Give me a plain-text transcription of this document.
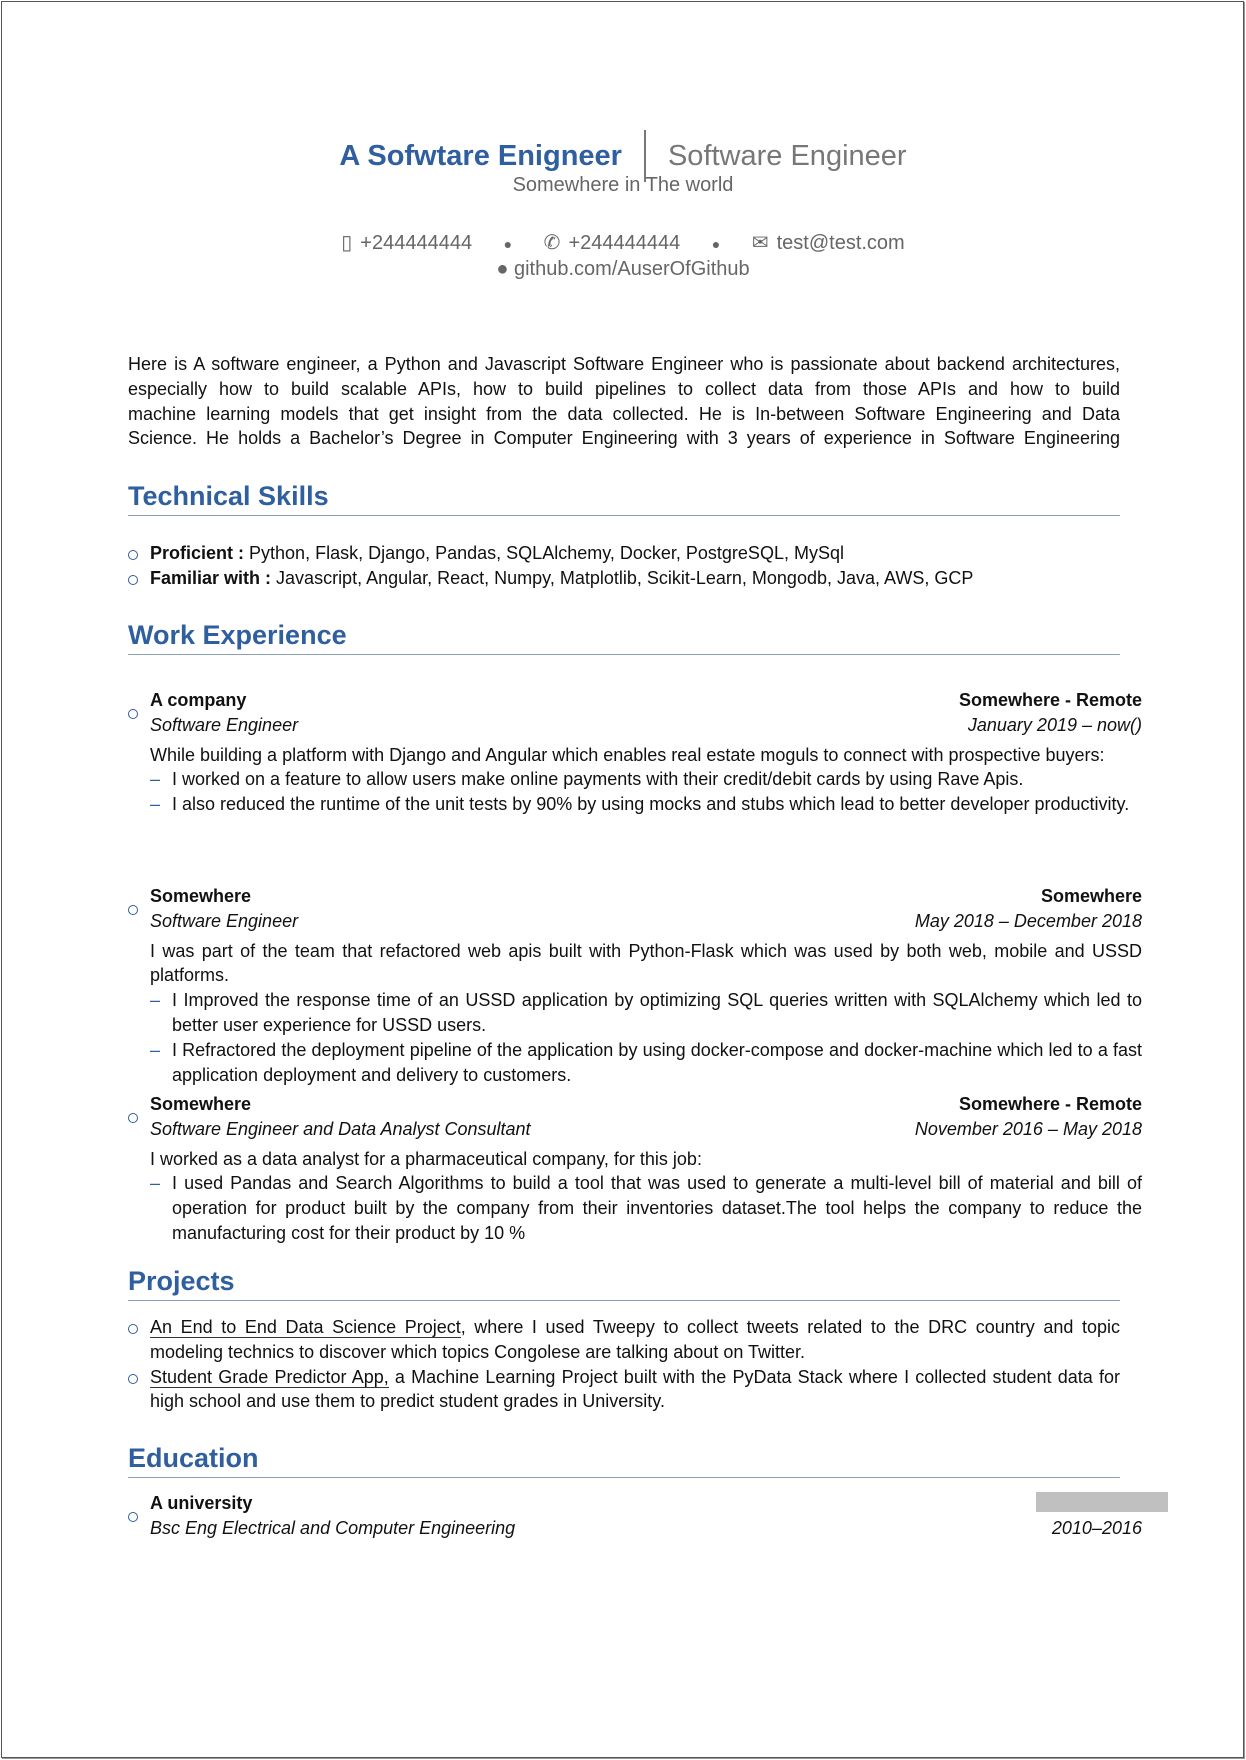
A Sofwtare Enigneer Software Engineer
Somewhere in The world
▯ +244444444 ● ✆ +244444444 ● ✉ test@test.com
● github.com/AuserOfGithub
Here is A software engineer, a Python and Javascript Software Engineer who is passionate about backend architectures,
especially how to build scalable APIs, how to build pipelines to collect data from those APIs and how to build
machine learning models that get insight from the data collected. He is In-between Software Engineering and Data
Science. He holds a Bachelor’s Degree in Computer Engineering with 3 years of experience in Software Engineering
Technical Skills
Proficient : Python, Flask, Django, Pandas, SQLAlchemy, Docker, PostgreSQL, MySql
Familiar with : Javascript, Angular, React, Numpy, Matplotlib, Scikit-Learn, Mongodb, Java, AWS, GCP
Work Experience
A company	Somewhere - Remote
Software Engineer	January 2019 – now()
While building a platform with Django and Angular which enables real estate moguls to connect with prospective buyers:
– I worked on a feature to allow users make online payments with their credit/debit cards by using Rave Apis.
– I also reduced the runtime of the unit tests by 90% by using mocks and stubs which lead to better developer productivity.
Somewhere	Somewhere
Software Engineer	May 2018 – December 2018
I was part of the team that refactored web apis built with Python-Flask which was used by both web, mobile and USSD platforms.
– I Improved the response time of an USSD application by optimizing SQL queries written with SQLAlchemy which led to better user experience for USSD users.
– I Refractored the deployment pipeline of the application by using docker-compose and docker-machine which led to a fast application deployment and delivery to customers.
Somewhere	Somewhere - Remote
Software Engineer and Data Analyst Consultant	November 2016 – May 2018
I worked as a data analyst for a pharmaceutical company, for this job:
– I used Pandas and Search Algorithms to build a tool that was used to generate a multi-level bill of material and bill of operation for product built by the company from their inventories dataset.The tool helps the company to reduce the manufacturing cost for their product by 10 %
Projects
An End to End Data Science Project, where I used Tweepy to collect tweets related to the DRC country and topic modeling technics to discover which topics Congolese are talking about on Twitter.
Student Grade Predictor App, a Machine Learning Project built with the PyData Stack where I collected student data for high school and use them to predict student grades in University.
Education
A university
Bsc Eng Electrical and Computer Engineering	2010–2016
